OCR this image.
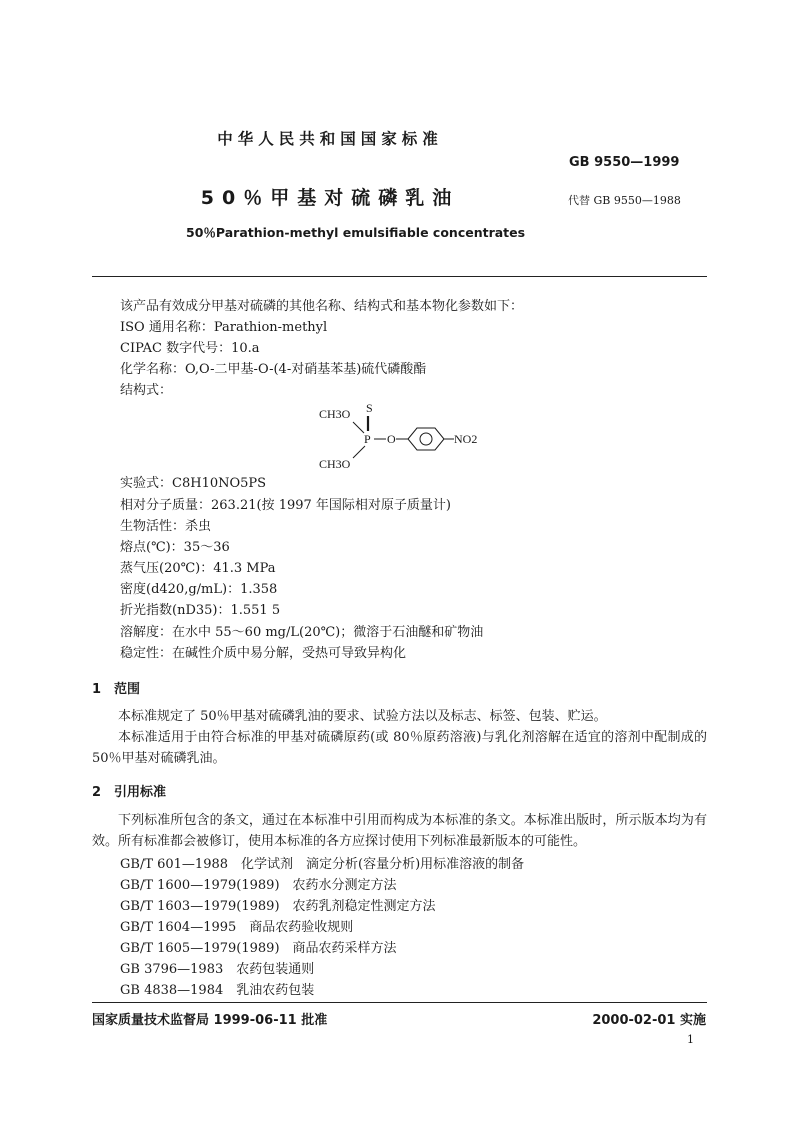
中华人民共和国国家标准
GB 9550—1999
50％甲基对硫磷乳油	代替 GB 9550—1988
50％Parathion-methyl emulsifiable concentrates
该产品有效成分甲基对硫磷的其他名称、结构式和基本物化参数如下：
ISO 通用名称：Parathion-methyl
CIPAC 数字代号：10.a
化学名称：O,O-二甲基-O-(4-对硝基苯基)硫代磷酸酯
结构式：
CH3O S
P O	NO2
CH3O
实验式：C8H10NO5PS
相对分子质量：263.21(按 1997 年国际相对原子质量计)
生物活性：杀虫
熔点(℃)：35～36
蒸气压(20℃)：41.3 MPa
密度(d420,g/mL)：1.358
折光指数(nD35)：1.551 5
溶解度：在水中 55～60 mg/L(20℃)；微溶于石油醚和矿物油
稳定性：在碱性介质中易分解，受热可导致异构化
1　范围
本标准规定了 50％甲基对硫磷乳油的要求、试验方法以及标志、标签、包装、贮运。
本标准适用于由符合标准的甲基对硫磷原药(或 80％原药溶液)与乳化剂溶解在适宜的溶剂中配制成的 50％甲基对硫磷乳油。
2　引用标准
下列标准所包含的条文，通过在本标准中引用而构成为本标准的条文。本标准出版时，所示版本均为有效。所有标准都会被修订，使用本标准的各方应探讨使用下列标准最新版本的可能性。
GB/T 601—1988　化学试剂　滴定分析(容量分析)用标准溶液的制备
GB/T 1600—1979(1989)　农药水分测定方法
GB/T 1603—1979(1989)　农药乳剂稳定性测定方法
GB/T 1604—1995　商品农药验收规则
GB/T 1605—1979(1989)　商品农药采样方法
GB 3796—1983　农药包装通则
GB 4838—1984　乳油农药包装
国家质量技术监督局 1999-06-11 批准	2000-02-01 实施
1
